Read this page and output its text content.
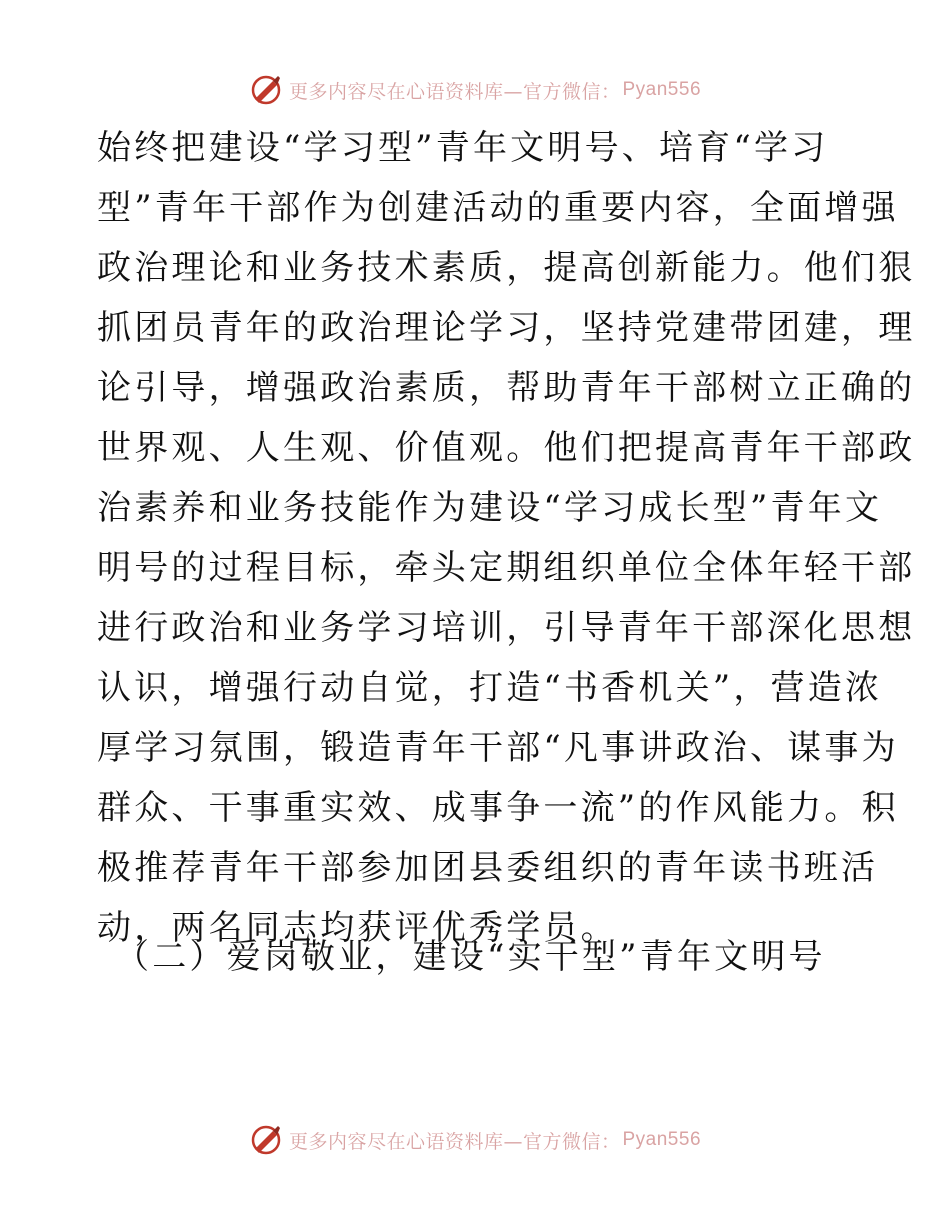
更多内容尽在心语资料库—官方微信： Pyan556
始终把建设“学习型”青年文明号、培育“学习
型”青年干部作为创建活动的重要内容，全面增强
政治理论和业务技术素质，提高创新能力。他们狠
抓团员青年的政治理论学习，坚持党建带团建，理
论引导，增强政治素质，帮助青年干部树立正确的
世界观、人生观、价值观。他们把提高青年干部政
治素养和业务技能作为建设“学习成长型”青年文
明号的过程目标，牵头定期组织单位全体年轻干部
进行政治和业务学习培训，引导青年干部深化思想
认识，增强行动自觉，打造“书香机关”，营造浓
厚学习氛围，锻造青年干部“凡事讲政治、谋事为
群众、干事重实效、成事争一流”的作风能力。积
极推荐青年干部参加团县委组织的青年读书班活
动，两名同志均获评优秀学员。
（二）爱岗敬业，建设“实干型”青年文明号
更多内容尽在心语资料库—官方微信： Pyan556
